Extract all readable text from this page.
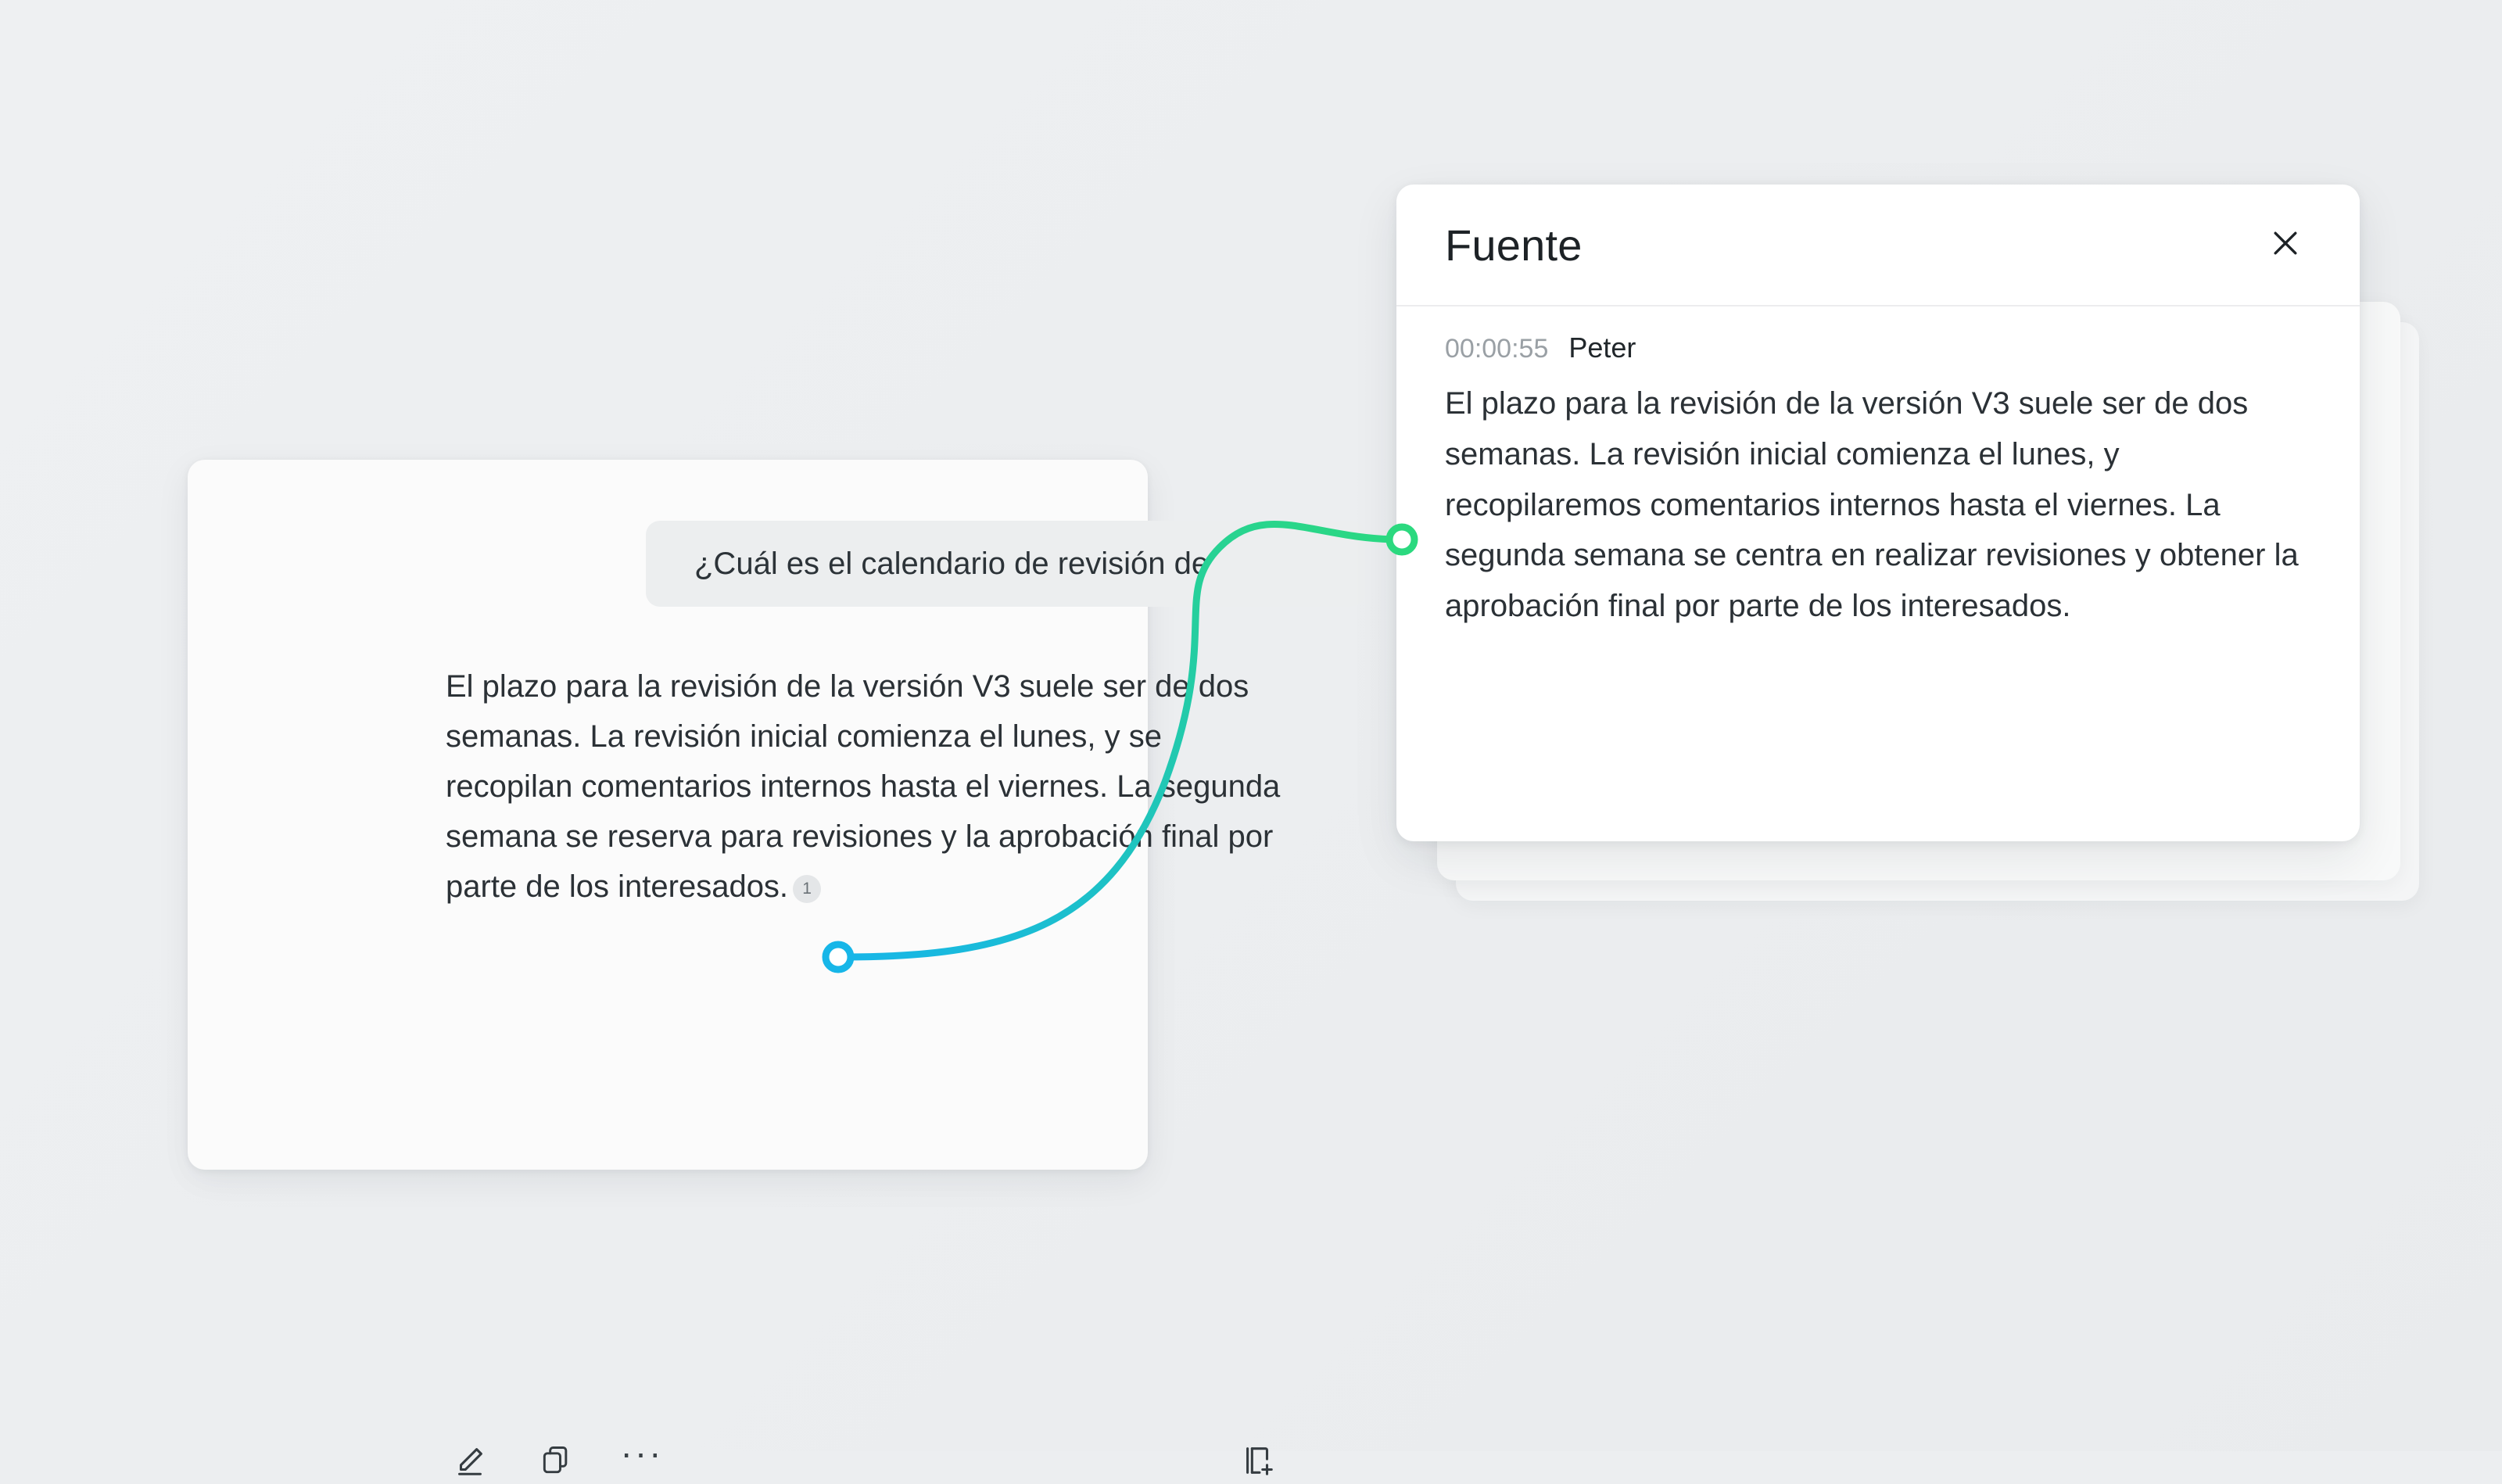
¿Cuál es el calendario de revisión de

El plazo para la revisión de la versión V3 suele ser de dos semanas. La revisión inicial comienza el lunes, y se recopilan comentarios internos hasta el viernes. La segunda semana se reserva para revisiones y la aprobación final por parte de los interesados. 1

···
Fuente
00:00:55 Peter

El plazo para la revisión de la versión V3 suele ser de dos semanas. La revisión inicial comienza el lunes, y recopilaremos comentarios internos hasta el viernes. La segunda semana se centra en realizar revisiones y obtener la aprobación final por parte de los interesados.
